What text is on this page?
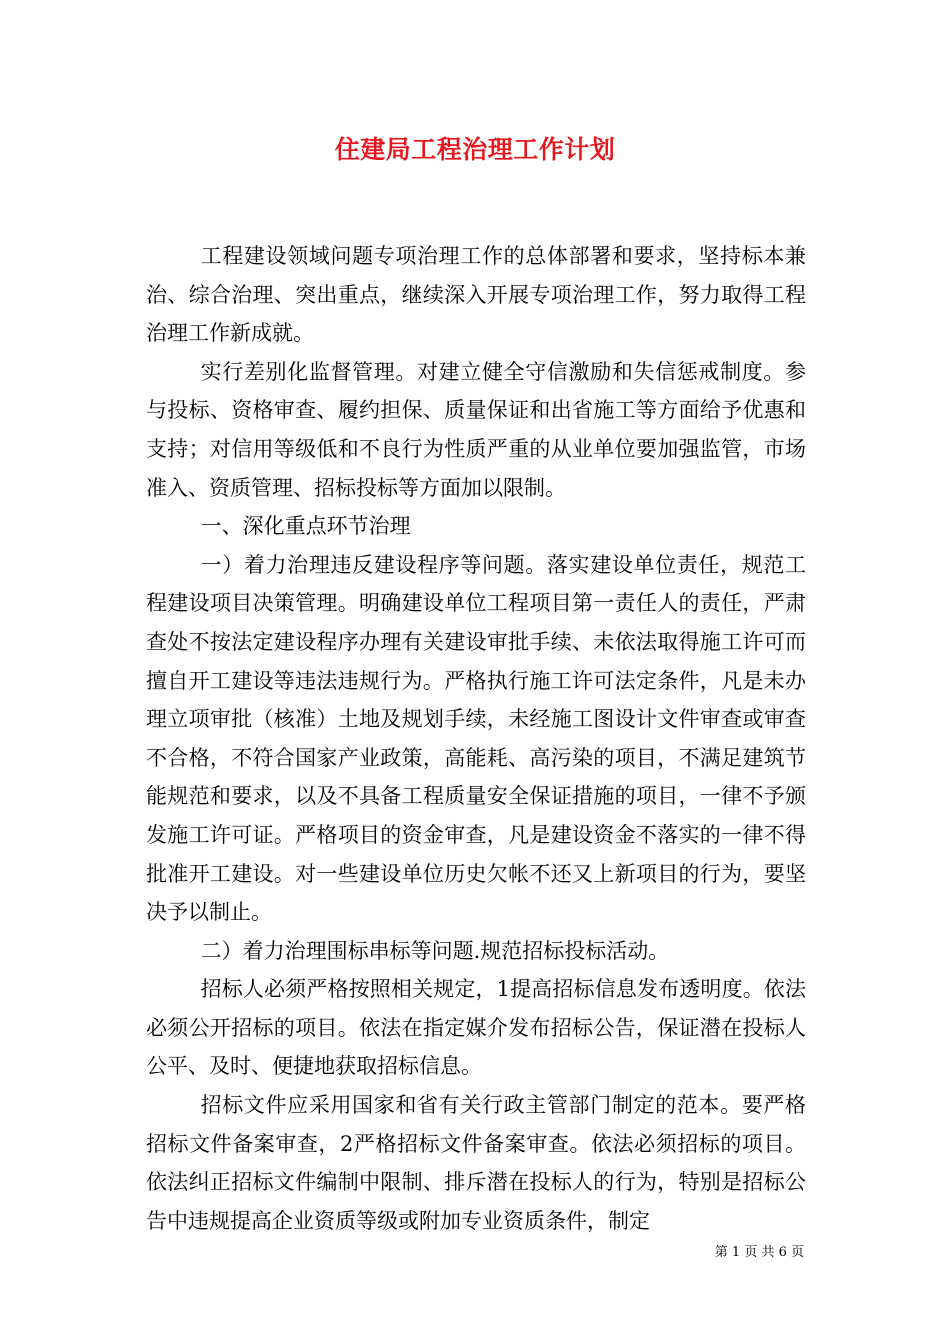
住建局工程治理工作计划

工程建设领域问题专项治理工作的总体部署和要求，坚持标本兼治、综合治理、突出重点，继续深入开展专项治理工作，努力取得工程治理工作新成就。

实行差别化监督管理。对建立健全守信激励和失信惩戒制度。参与投标、资格审查、履约担保、质量保证和出省施工等方面给予优惠和支持；对信用等级低和不良行为性质严重的从业单位要加强监管，市场准入、资质管理、招标投标等方面加以限制。

一、深化重点环节治理

一）着力治理违反建设程序等问题。落实建设单位责任，规范工程建设项目决策管理。明确建设单位工程项目第一责任人的责任，严肃查处不按法定建设程序办理有关建设审批手续、未依法取得施工许可而擅自开工建设等违法违规行为。严格执行施工许可法定条件，凡是未办理立项审批（核准）土地及规划手续，未经施工图设计文件审查或审查不合格，不符合国家产业政策，高能耗、高污染的项目，不满足建筑节能规范和要求，以及不具备工程质量安全保证措施的项目，一律不予颁发施工许可证。严格项目的资金审查，凡是建设资金不落实的一律不得批准开工建设。对一些建设单位历史欠帐不还又上新项目的行为，要坚决予以制止。

二）着力治理围标串标等问题.规范招标投标活动。

招标人必须严格按照相关规定，1提高招标信息发布透明度。依法必须公开招标的项目。依法在指定媒介发布招标公告，保证潜在投标人公平、及时、便捷地获取招标信息。

招标文件应采用国家和省有关行政主管部门制定的范本。要严格招标文件备案审查，2严格招标文件备案审查。依法必须招标的项目。依法纠正招标文件编制中限制、排斥潜在投标人的行为，特别是招标公告中违规提高企业资质等级或附加专业资质条件，制定

第 1 页 共 6 页
